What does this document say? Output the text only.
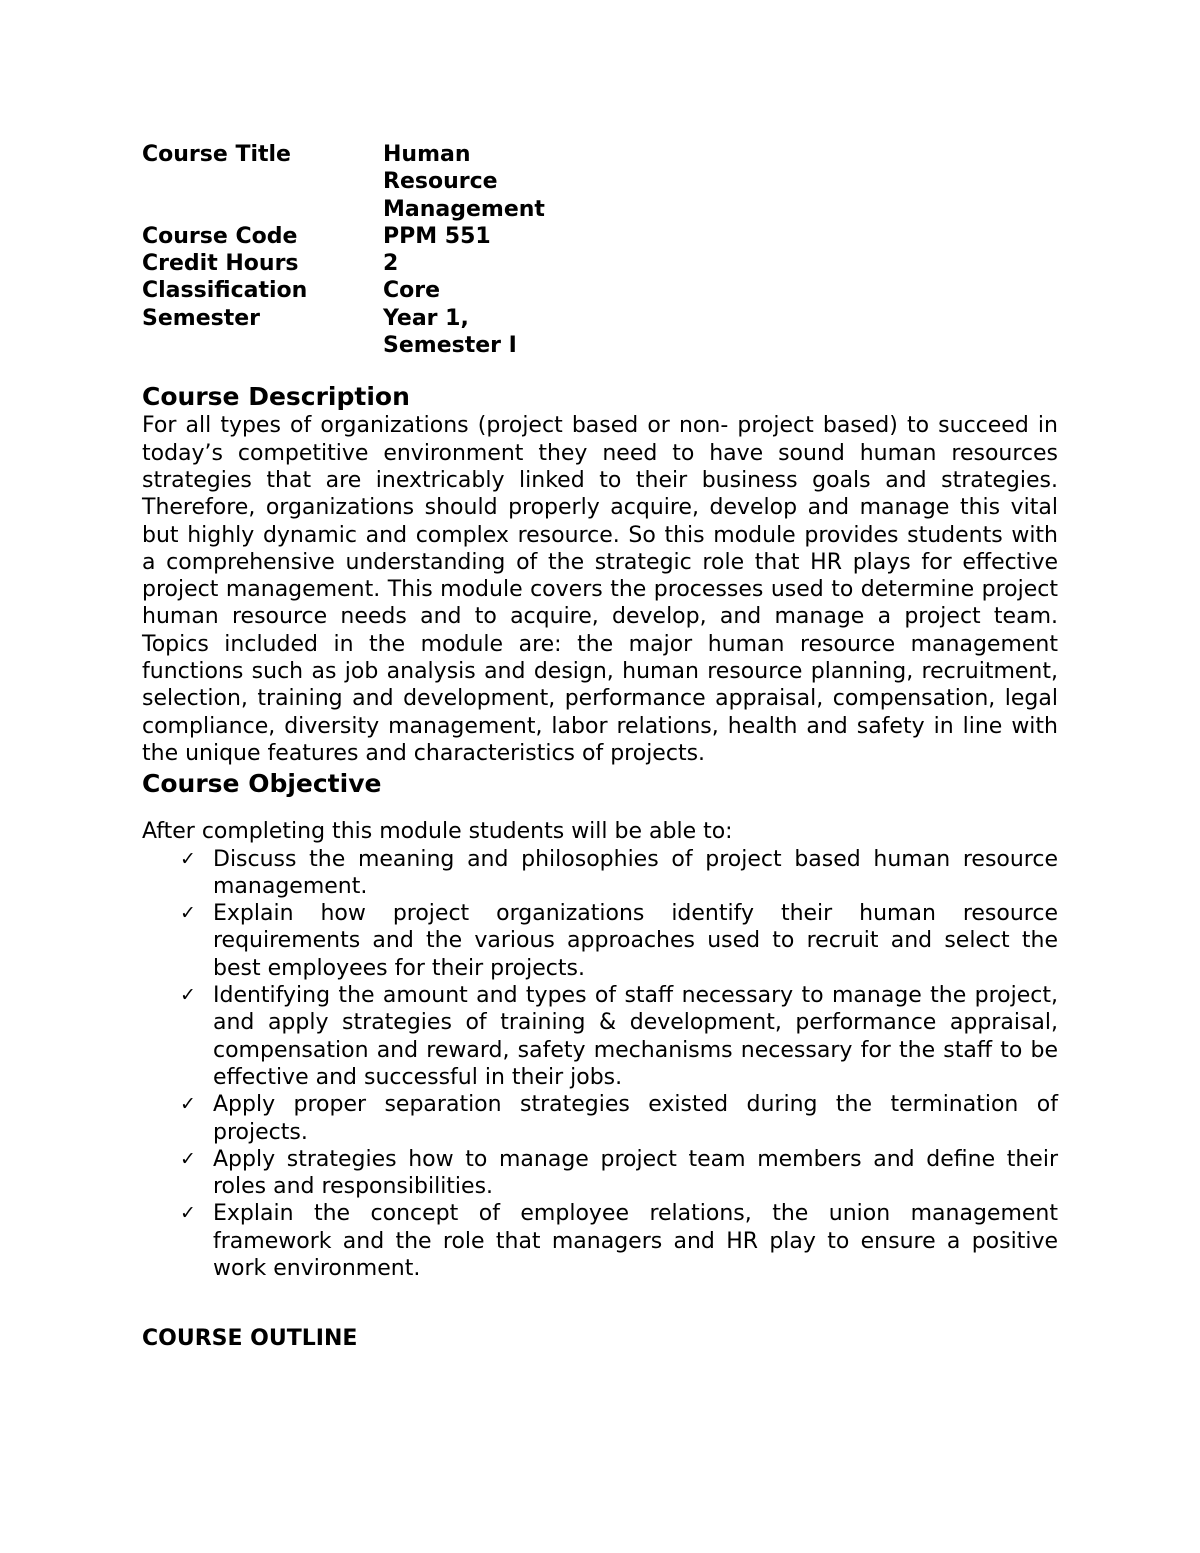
Course Title	Human Resource Management
Course Code	PPM 551
Credit Hours	2
Classification	Core
Semester	Year 1, Semester I
Course Description

For all types of organizations (project based or non- project based) to succeed in today’s competitive environment they need to have sound human resources strategies that are inextricably linked to their business goals and strategies. Therefore, organizations should properly acquire, develop and manage this vital but highly dynamic and complex resource. So this module provides students with a comprehensive understanding of the strategic role that HR plays for effective project management. This module covers the processes used to determine project human resource needs and to acquire, develop, and manage a project team. Topics included in the module are: the major human resource management functions such as job analysis and design, human resource planning, recruitment, selection, training and development, performance appraisal, compensation, legal compliance, diversity management, labor relations, health and safety in line with the unique features and characteristics of projects.

Course Objective

After completing this module students will be able to:

✓ Discuss the meaning and philosophies of project based human resource management.
✓ Explain how project organizations identify their human resource requirements and the various approaches used to recruit and select the best employees for their projects.
✓ Identifying the amount and types of staff necessary to manage the project, and apply strategies of training & development, performance appraisal, compensation and reward, safety mechanisms necessary for the staff to be effective and successful in their jobs.
✓ Apply proper separation strategies existed during the termination of projects.
✓ Apply strategies how to manage project team members and define their roles and responsibilities.
✓ Explain the concept of employee relations, the union management framework and the role that managers and HR play to ensure a positive work environment.
COURSE OUTLINE
